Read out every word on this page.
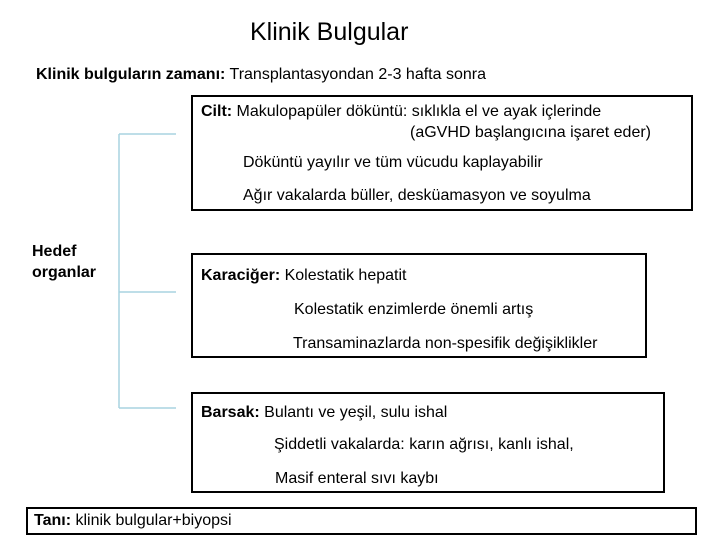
Klinik Bulgular
Klinik bulguların zamanı: Transplantasyondan 2-3 hafta sonra
Hedef
organlar
Cilt: Makulopapüler döküntü: sıklıkla el ve ayak içlerinde
(aGVHD başlangıcına işaret eder)
Döküntü yayılır ve tüm vücudu kaplayabilir
Ağır vakalarda büller, desküamasyon ve soyulma
Karaciğer: Kolestatik hepatit
Kolestatik enzimlerde önemli artış
Transaminazlarda non-spesifik değişiklikler
Barsak: Bulantı ve yeşil, sulu ishal
Şiddetli vakalarda: karın ağrısı, kanlı ishal,
Masif enteral sıvı kaybı
Tanı: klinik bulgular+biyopsi
